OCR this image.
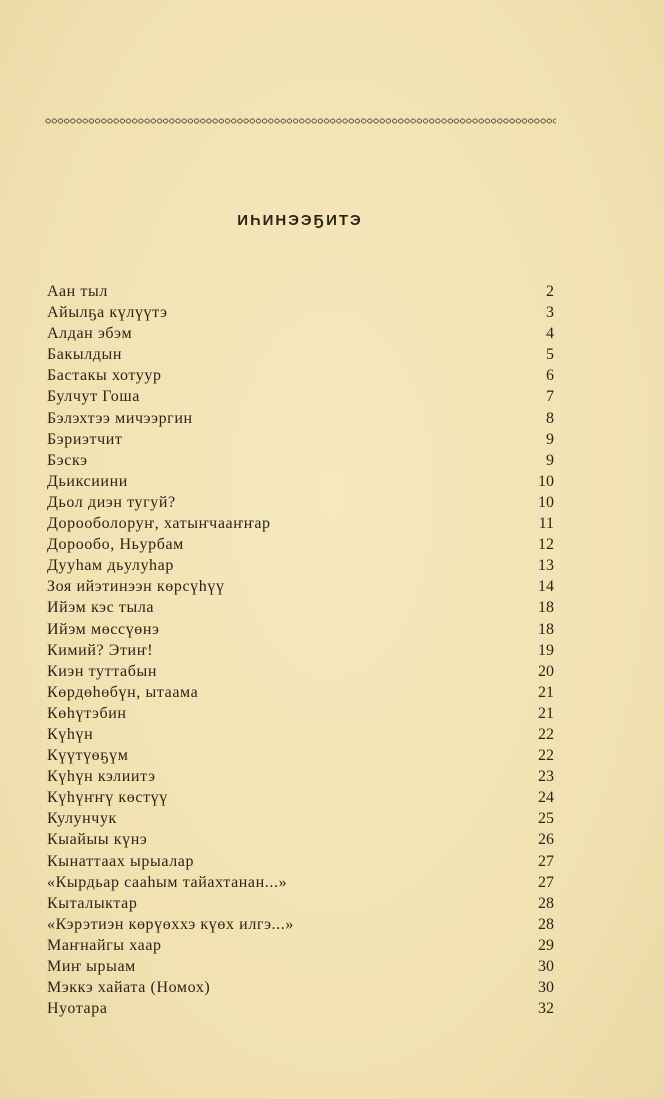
ИҺИНЭЭҔИТЭ
Аан тыл	2
Айылҕа күлүүтэ	3
Алдан эбэм	4
Бакылдын	5
Бастакы хотуур	6
Булчут Гоша	7
Бэлэхтээ мичээргин	8
Бэриэтчит	9
Бэскэ	9
Дьиксиини	10
Дьол диэн тугуй?	10
Дорооболоруҥ, хатыҥчааҥҥар	11
Дорообо, Ньурбам	12
Дууһам дьулуһар	13
Зоя ийэтинээн көрсүһүү	14
Ийэм кэс тыла	18
Ийэм мөссүөнэ	18
Кимий? Этиҥ!	19
Киэн туттабын	20
Көрдөһөбүн, ытаама	21
Көһүтэбин	21
Күһүн	22
Күүтүөҕүм	22
Күһүн кэлиитэ	23
Күһүҥҥү көстүү	24
Кулунчук	25
Кыайыы күнэ	26
Кынаттаах ырыалар	27
«Кырдьар сааһым тайахтанан...»	27
Кыталыктар	28
«Кэрэтиэн көрүөххэ күөх илгэ...»	28
Маҥнайгы хаар	29
Миҥ ырыам	30
Мэккэ хайата (Номох)	30
Нуотара	32
